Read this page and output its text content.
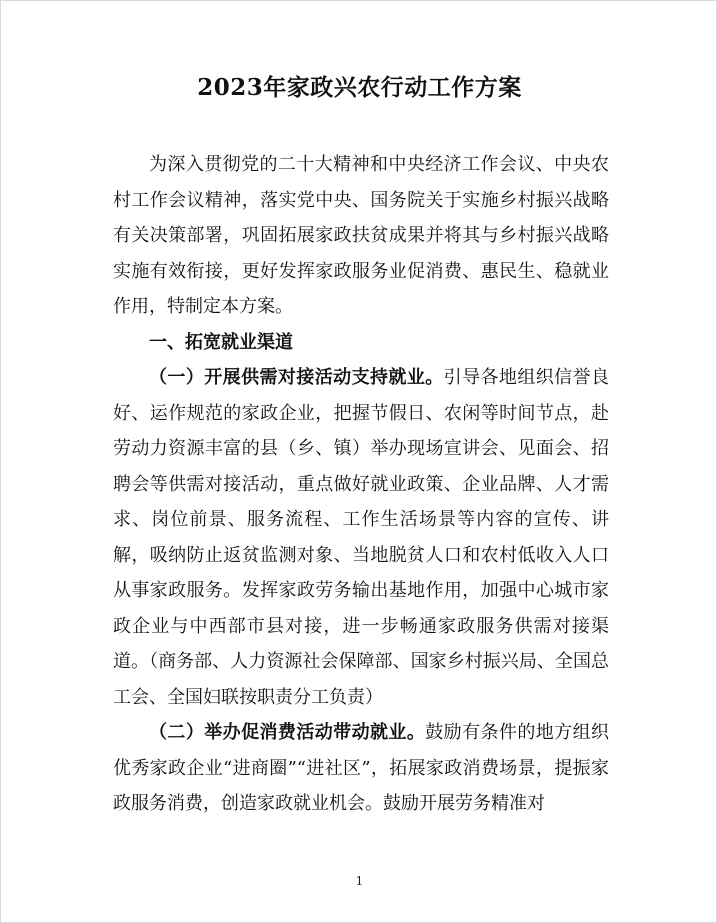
2023年家政兴农行动工作方案

为深入贯彻党的二十大精神和中央经济工作会议、中央农村工作会议精神，落实党中央、国务院关于实施乡村振兴战略有关决策部署，巩固拓展家政扶贫成果并将其与乡村振兴战略实施有效衔接，更好发挥家政服务业促消费、惠民生、稳就业作用，特制定本方案。

一、拓宽就业渠道

（一）开展供需对接活动支持就业。引导各地组织信誉良好、运作规范的家政企业，把握节假日、农闲等时间节点，赴劳动力资源丰富的县（乡、镇）举办现场宣讲会、见面会、招聘会等供需对接活动，重点做好就业政策、企业品牌、人才需求、岗位前景、服务流程、工作生活场景等内容的宣传、讲解，吸纳防止返贫监测对象、当地脱贫人口和农村低收入人口从事家政服务。发挥家政劳务输出基地作用，加强中心城市家政企业与中西部市县对接，进一步畅通家政服务供需对接渠道。（商务部、人力资源社会保障部、国家乡村振兴局、全国总工会、全国妇联按职责分工负责）

（二）举办促消费活动带动就业。鼓励有条件的地方组织优秀家政企业“进商圈”“进社区”，拓展家政消费场景，提振家政服务消费，创造家政就业机会。鼓励开展劳务精准对

1
